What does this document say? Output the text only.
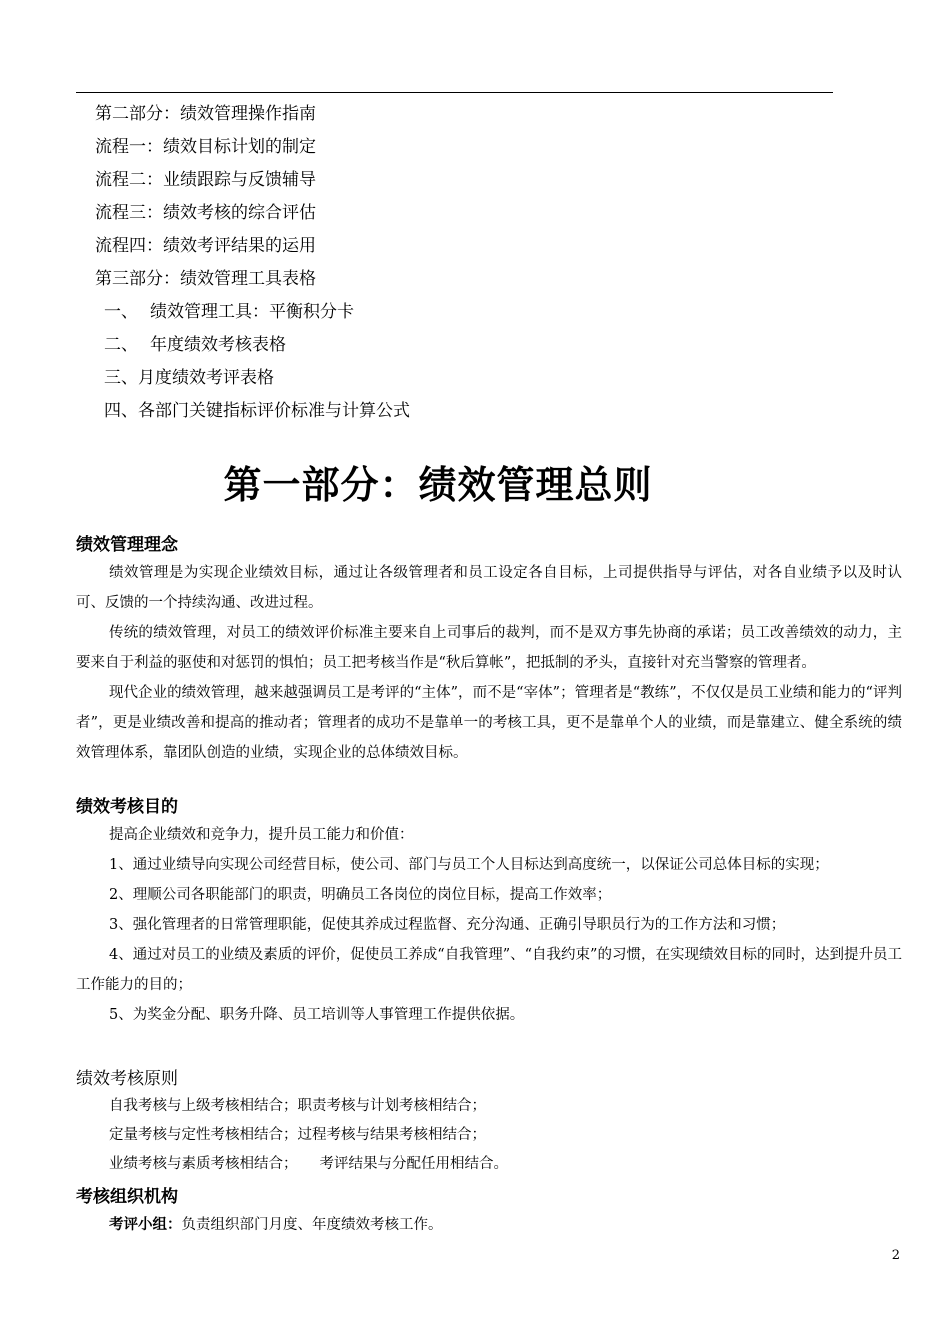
第二部分：绩效管理操作指南
流程一：绩效目标计划的制定
流程二：业绩跟踪与反馈辅导
流程三：绩效考核的综合评估
流程四：绩效考评结果的运用
第三部分：绩效管理工具表格
一、 绩效管理工具：平衡积分卡
二、 年度绩效考核表格
三、月度绩效考评表格
四、各部门关键指标评价标准与计算公式
第一部分：绩效管理总则
绩效管理理念

绩效管理是为实现企业绩效目标，通过让各级管理者和员工设定各自目标，上司提供指导与评估，对各自业绩予以及时认可、反馈的一个持续沟通、改进过程。

传统的绩效管理，对员工的绩效评价标准主要来自上司事后的裁判，而不是双方事先协商的承诺；员工改善绩效的动力，主要来自于利益的驱使和对惩罚的惧怕；员工把考核当作是“秋后算帐”，把抵制的矛头，直接针对充当警察的管理者。

现代企业的绩效管理，越来越强调员工是考评的“主体”，而不是“宰体”；管理者是“教练”，不仅仅是员工业绩和能力的“评判者”，更是业绩改善和提高的推动者；管理者的成功不是靠单一的考核工具，更不是靠单个人的业绩，而是靠建立、健全系统的绩效管理体系，靠团队创造的业绩，实现企业的总体绩效目标。

绩效考核目的

提高企业绩效和竞争力，提升员工能力和价值：

1、通过业绩导向实现公司经营目标，使公司、部门与员工个人目标达到高度统一，以保证公司总体目标的实现；

2、理顺公司各职能部门的职责，明确员工各岗位的岗位目标，提高工作效率；

3、强化管理者的日常管理职能，促使其养成过程监督、充分沟通、正确引导职员行为的工作方法和习惯；

4、通过对员工的业绩及素质的评价，促使员工养成“自我管理”、“自我约束”的习惯，在实现绩效目标的同时，达到提升员工工作能力的目的；

5、为奖金分配、职务升降、员工培训等人事管理工作提供依据。

绩效考核原则

自我考核与上级考核相结合；职责考核与计划考核相结合；

定量考核与定性考核相结合；过程考核与结果考核相结合；

业绩考核与素质考核相结合； 考评结果与分配任用相结合。

考核组织机构

考评小组：负责组织部门月度、年度绩效考核工作。

2
